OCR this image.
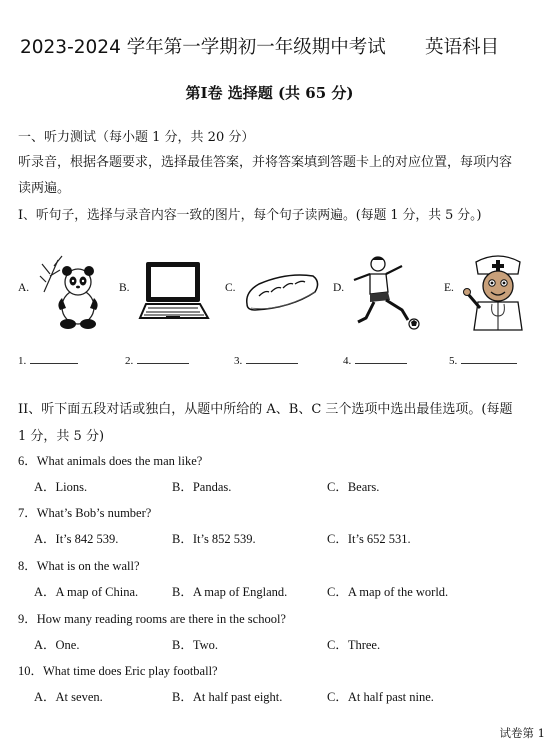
2023-2024 学年第一学期初一年级期中考试 英语科目
第I卷 选择题 (共 65 分)
一、听力测试（每小题 1 分，共 20 分）
听录音，根据各题要求，选择最佳答案，并将答案填到答题卡上的对应位置，每项内容
读两遍。
I、听句子，选择与录音内容一致的图片，每个句子读两遍。(每题 1 分，共 5 分。)
A.	B.	C.	D.	E.
1.	2.	3.	4.	5.
II、听下面五段对话或独白，从题中所给的 A、B、C 三个选项中选出最佳选项。(每题
1 分，共 5 分)
6．What animals does the man like?
A．Lions.	B．Pandas.	C．Bears.
7．What’s Bob’s number?
A．It’s 842 539.	B．It’s 852 539.	C．It’s 652 531.
8．What is on the wall?
A．A map of China.	B．A map of England.	C．A map of the world.
9．How many reading rooms are there in the school?
A．One.	B．Two.	C．Three.
10．What time does Eric play football?
A．At seven.	B．At half past eight.	C．At half past nine.
试卷第 1
